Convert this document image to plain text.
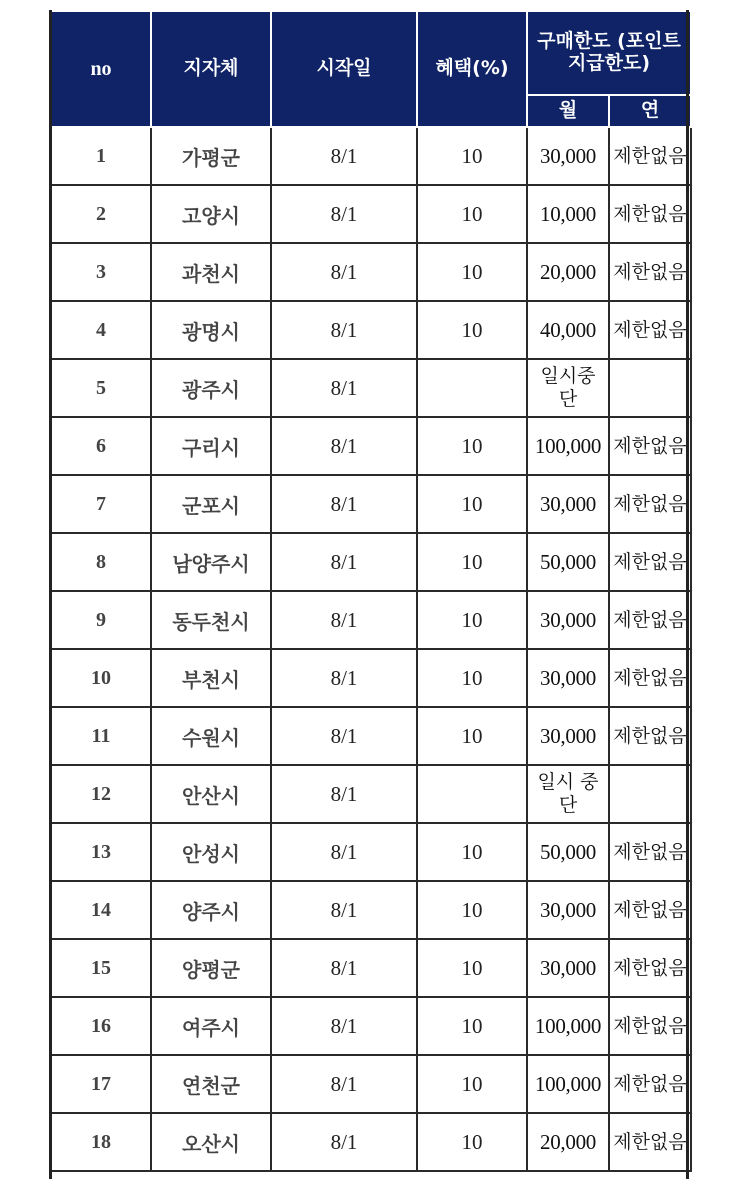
no	지자체	시작일	혜택(%)	구매한도 (포인트 지급한도)	
				월	연
1	가평군	8/1	10	30,000	제한없음
2	고양시	8/1	10	10,000	제한없음
3	과천시	8/1	10	20,000	제한없음
4	광명시	8/1	10	40,000	제한없음
5	광주시	8/1		일시중단	
6	구리시	8/1	10	100,000	제한없음
7	군포시	8/1	10	30,000	제한없음
8	남양주시	8/1	10	50,000	제한없음
9	동두천시	8/1	10	30,000	제한없음
10	부천시	8/1	10	30,000	제한없음
11	수원시	8/1	10	30,000	제한없음
12	안산시	8/1		일시 중단	
13	안성시	8/1	10	50,000	제한없음
14	양주시	8/1	10	30,000	제한없음
15	양평군	8/1	10	30,000	제한없음
16	여주시	8/1	10	100,000	제한없음
17	연천군	8/1	10	100,000	제한없음
18	오산시	8/1	10	20,000	제한없음
